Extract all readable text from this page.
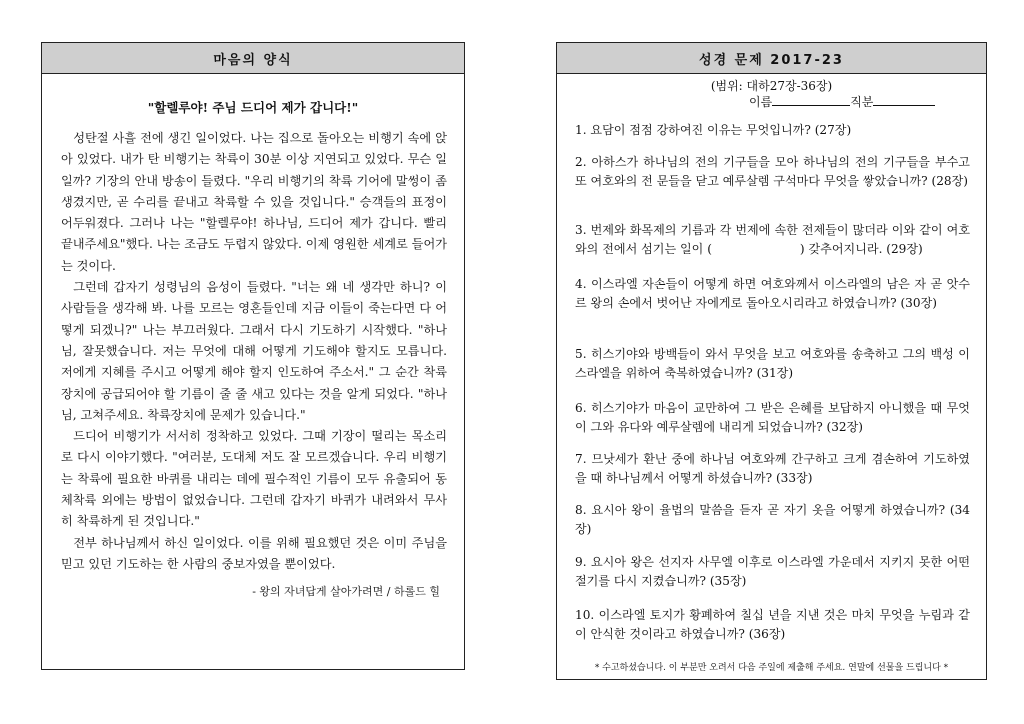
마음의 양식
"할렐루야! 주님 드디어 제가 갑니다!"

성탄절 사흘 전에 생긴 일이었다. 나는 집으로 돌아오는 비행기 속에 앉아 있었다. 내가 탄 비행기는 착륙이 30분 이상 지연되고 있었다. 무슨 일일까? 기장의 안내 방송이 들렸다. "우리 비행기의 착륙 기어에 말썽이 좀 생겼지만, 곧 수리를 끝내고 착륙할 수 있을 것입니다." 승객들의 표정이 어두워졌다. 그러나 나는 "할렐루야! 하나님, 드디어 제가 갑니다. 빨리 끝내주세요"했다. 나는 조금도 두렵지 않았다. 이제 영원한 세계로 들어가는 것이다.

그런데 갑자기 성령님의 음성이 들렸다. "너는 왜 네 생각만 하니? 이 사람들을 생각해 봐. 나를 모르는 영혼들인데 지금 이들이 죽는다면 다 어떻게 되겠니?" 나는 부끄러웠다. 그래서 다시 기도하기 시작했다. "하나님, 잘못했습니다. 저는 무엇에 대해 어떻게 기도해야 할지도 모릅니다. 저에게 지혜를 주시고 어떻게 해야 할지 인도하여 주소서." 그 순간 착륙장치에 공급되어야 할 기름이 줄 줄 새고 있다는 것을 알게 되었다. "하나님, 고쳐주세요. 착륙장치에 문제가 있습니다."

드디어 비행기가 서서히 정착하고 있었다. 그때 기장이 떨리는 목소리로 다시 이야기했다. "여러분, 도대체 저도 잘 모르겠습니다. 우리 비행기는 착륙에 필요한 바퀴를 내리는 데에 필수적인 기름이 모두 유출되어 동체착륙 외에는 방법이 없었습니다. 그런데 갑자기 바퀴가 내려와서 무사히 착륙하게 된 것입니다."

전부 하나님께서 하신 일이었다. 이를 위해 필요했던 것은 이미 주님을 믿고 있던 기도하는 한 사람의 중보자였을 뿐이었다.

- 왕의 자녀답게 살아가려면 / 하롤드 힐
성경 문제 2017-23
(범위: 대하27장-36장)
이름	직분
1. 요담이 점점 강하여진 이유는 무엇입니까? (27장)
2. 아하스가 하나님의 전의 기구들을 모아 하나님의 전의 기구들을 부수고 또 여호와의 전 문들을 닫고 예루살렘 구석마다 무엇을 쌓았습니까? (28장)
3. 번제와 화목제의 기름과 각 번제에 속한 전제들이 많더라 이와 같이 여호와의 전에서 섬기는 일이 (	) 갖추어지니라. (29장)
4. 이스라엘 자손들이 어떻게 하면 여호와께서 이스라엘의 남은 자 곧 앗수르 왕의 손에서 벗어난 자에게로 돌아오시리라고 하였습니까? (30장)
5. 히스기야와 방백들이 와서 무엇을 보고 여호와를 송축하고 그의 백성 이스라엘을 위하여 축복하였습니까? (31장)
6. 히스기야가 마음이 교만하여 그 받은 은혜를 보답하지 아니했을 때 무엇이 그와 유다와 예루살렘에 내리게 되었습니까? (32장)
7. 므낫세가 환난 중에 하나님 여호와께 간구하고 크게 겸손하여 기도하였을 때 하나님께서 어떻게 하셨습니까? (33장)
8. 요시아 왕이 율법의 말씀을 듣자 곧 자기 옷을 어떻게 하였습니까? (34장)
9. 요시아 왕은 선지자 사무엘 이후로 이스라엘 가운데서 지키지 못한 어떤 절기를 다시 지켰습니까? (35장)
10. 이스라엘 토지가 황폐하여 칠십 년을 지낸 것은 마치 무엇을 누림과 같이 안식한 것이라고 하였습니까? (36장)
* 수고하셨습니다. 이 부분만 오려서 다음 주일에 제출해 주세요. 연말에 선물을 드립니다 *
